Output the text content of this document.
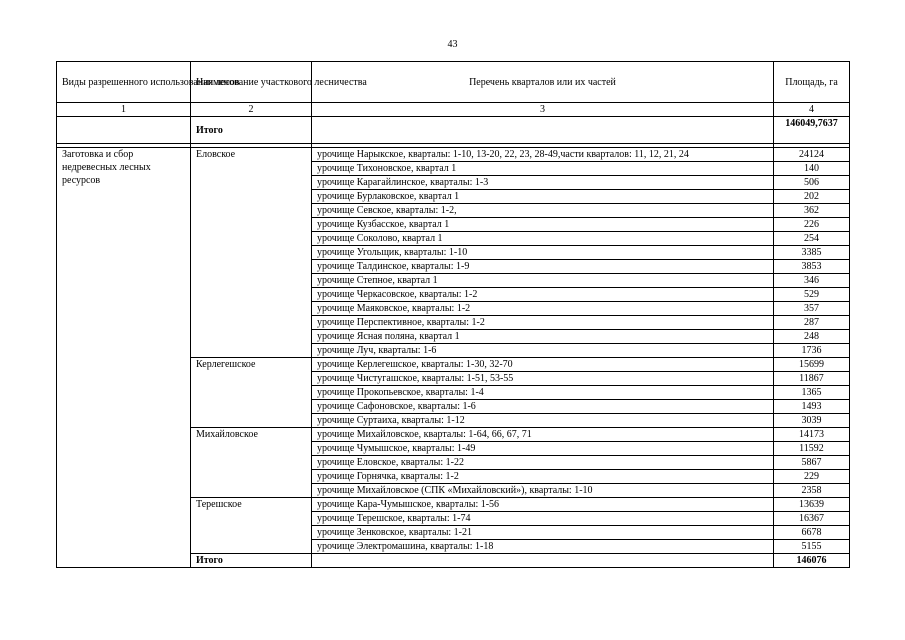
43
Виды разрешенного использования лесов	Наименование участкового лесничества	Перечень кварталов или их частей	Площадь, га
1	2	3	4
	Итого		146049,7637

Заготовка и сбор недревесных лесных ресурсов	Еловское	урочище Нарыкское, кварталы: 1-10, 13-20, 22, 23, 28-49,части кварталов: 11, 12, 21, 24	24124
		урочище Тихоновское, квартал 1	140
		урочище Карагайлинское, кварталы: 1-3	506
		урочище Бурлаковское, квартал 1	202
		урочище Севское, кварталы: 1-2,	362
		урочище Кузбасское, квартал 1	226
		урочище Соколово, квартал 1	254
		урочище Угольщик, кварталы: 1-10	3385
		урочище Талдинское, кварталы: 1-9	3853
		урочище Степное, квартал 1	346
		урочище Черкасовское, кварталы: 1-2	529
		урочище Маяковское, кварталы: 1-2	357
		урочище Перспективное, кварталы: 1-2	287
		урочище Ясная поляна, квартал 1	248
		урочище Луч, кварталы: 1-6	1736
	Керлегешское	урочище Керлегешское, кварталы: 1-30, 32-70	15699
		урочище Чистугашское, кварталы: 1-51, 53-55	11867
		урочище Прокопьевское, кварталы: 1-4	1365
		урочище Сафоновское, кварталы: 1-6	1493
		урочище Суртаиха, кварталы: 1-12	3039
	Михайловское	урочище Михайловское, кварталы: 1-64, 66, 67, 71	14173
		урочище Чумышское, кварталы: 1-49	11592
		урочище Еловское, кварталы: 1-22	5867
		урочище Горнячка, кварталы: 1-2	229
		урочище Михайловское (СПК «Михайловский»), кварталы: 1-10	2358
	Терешское	урочище Кара-Чумышское, кварталы: 1-56	13639
		урочище Терешское, кварталы: 1-74	16367
		урочище Зенковское, кварталы: 1-21	6678
		урочище Электромашина, кварталы: 1-18	5155
	Итого		146076
